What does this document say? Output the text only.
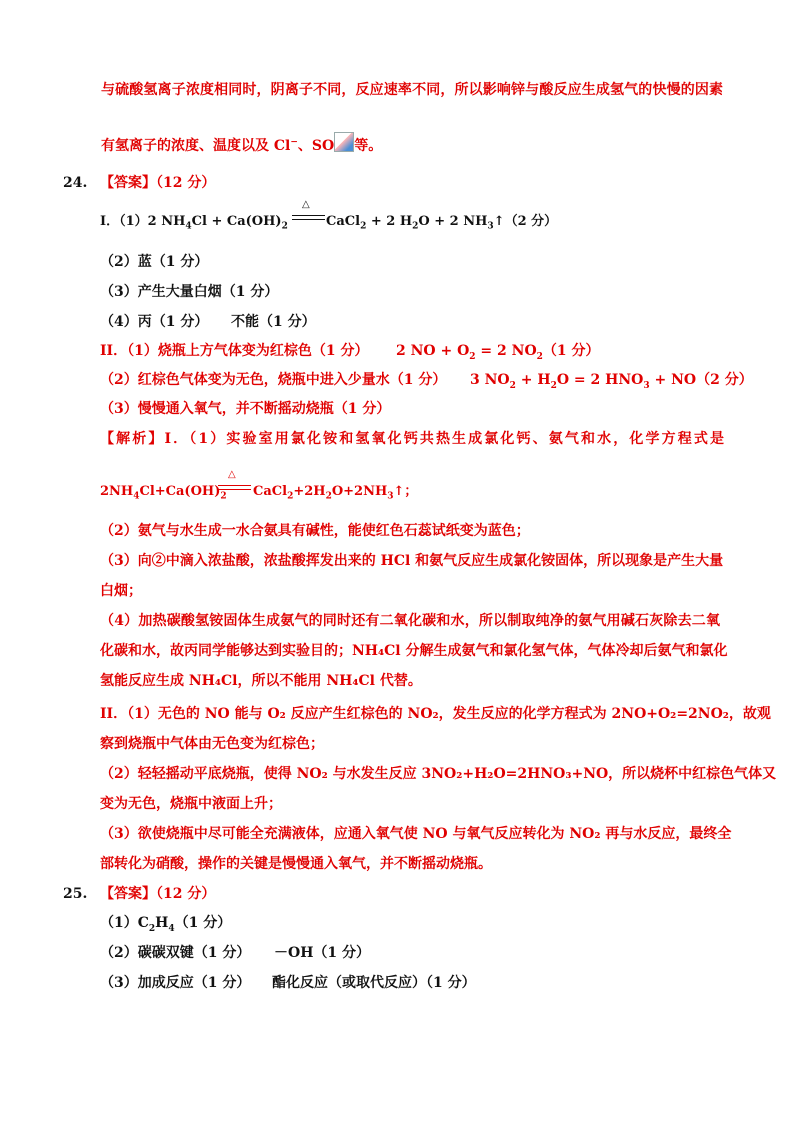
与硫酸氢离子浓度相同时，阴离子不同，反应速率不同，所以影响锌与酸反应生成氢气的快慢的因素
有氢离子的浓度、温度以及 Cl−、SO 等。
24. 【答案】（12 分）
I．（1）2 $NH_4Cl + Ca(OH)_2$
△
CaCl$_2$ + 2 $H_2O + 2$ $NH_3↑(2$ 分）
（2）蓝（1 分）
（3）产生大量白烟（1 分）
（4）丙（1 分） 不能（1 分）
II．（1）烧瓶上方气体变为红棕色（1 分） 2 NO + $O_2 = 2$ $NO_2(1$ 分）
（2）红棕色气体变为无色，烧瓶中进入少量水（1 分） 3 $NO_2 + H_2O = 2$ $HNO_3 + NO(2$ 分）
（3）慢慢通入氧气，并不断摇动烧瓶（1 分）
【解析】I．（1）实验室用氯化铵和氢氧化钙共热生成氯化钙、氨气和水，化学方程式是
$2NH_4Cl+Ca(OH)_2$
△
$CaCl_2+2H_2O+2NH_3↑$；
（2）氨气与水生成一水合氨具有碱性，能使红色石蕊试纸变为蓝色；
（3）向②中滴入浓盐酸，浓盐酸挥发出来的 HCl 和氨气反应生成氯化铵固体，所以现象是产生大量
白烟；
（4）加热碳酸氢铵固体生成氨气的同时还有二氧化碳和水，所以制取纯净的氨气用碱石灰除去二氧
化碳和水，故丙同学能够达到实验目的；NH₄Cl 分解生成氨气和氯化氢气体，气体冷却后氨气和氯化
氢能反应生成 NH₄Cl，所以不能用 NH₄Cl 代替。
II．（1）无色的 NO 能与 O₂ 反应产生红棕色的 NO₂，发生反应的化学方程式为 2NO+O₂=2NO₂，故观
察到烧瓶中气体由无色变为红棕色；
（2）轻轻摇动平底烧瓶，使得 NO₂ 与水发生反应 3NO₂+H₂O=2HNO₃+NO，所以烧杯中红棕色气体又
变为无色，烧瓶中液面上升；
（3）欲使烧瓶中尽可能全充满液体，应通入氧气使 NO 与氧气反应转化为 NO₂ 再与水反应，最终全
部转化为硝酸，操作的关键是慢慢通入氧气，并不断摇动烧瓶。
25. 【答案】（12 分）
$(1)C_2H_4(1$ 分）
（2）碳碳双键（1 分） －OH（1 分）
（3）加成反应（1 分） 酯化反应（或取代反应）（1 分）
